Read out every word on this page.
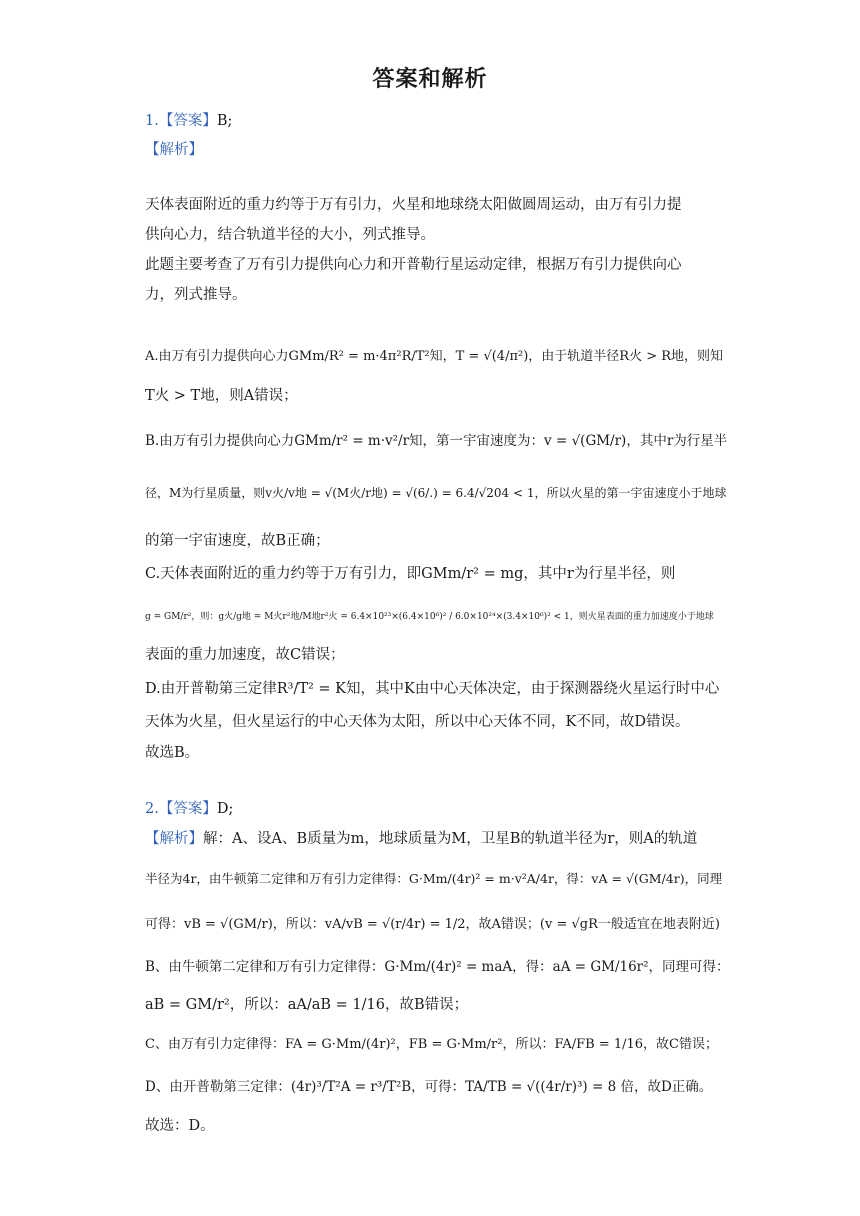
答案和解析
1.【答案】B;
【解析】
天体表面附近的重力约等于万有引力，火星和地球绕太阳做圆周运动，由万有引力提
供向心力，结合轨道半径的大小，列式推导。
此题主要考查了万有引力提供向心力和开普勒行星运动定律，根据万有引力提供向心
力，列式推导。
A.由万有引力提供向心力GMm/R² = m·4π²R/T²知，T = √(4/π²)，由于轨道半径R火 > R地，则知
T火 > T地，则A错误；
B.由万有引力提供向心力GMm/r² = m·v²/r知，第一宇宙速度为：v = √(GM/r)，其中r为行星半
径，M为行星质量，则v火/v地 = √(M火/r地) = √(6/.) = 6.4/√204 < 1，所以火星的第一宇宙速度小于地球
的第一宇宙速度，故B正确；
C.天体表面附近的重力约等于万有引力，即GMm/r² = mg，其中r为行星半径，则
g = GM/r²，则：g火/g地 = M火r²地/M地r²火 = 6.4×10²³×(6.4×10⁶)² / 6.0×10²⁴×(3.4×10⁶)² < 1，则火星表面的重力加速度小于地球
表面的重力加速度，故C错误；
D.由开普勒第三定律R³/T² = K知，其中K由中心天体决定，由于探测器绕火星运行时中心
天体为火星，但火星运行的中心天体为太阳，所以中心天体不同，K不同，故D错误。
故选B。
2.【答案】D;
【解析】解：A、设A、B质量为m，地球质量为M，卫星B的轨道半径为r，则A的轨道
半径为4r，由牛顿第二定律和万有引力定律得：G·Mm/(4r)² = m·v²A/4r，得：vA = √(GM/4r)，同理
可得：vB = √(GM/r)，所以：vA/vB = √(r/4r) = 1/2，故A错误；(v = √gR一般适宜在地表附近)
B、由牛顿第二定律和万有引力定律得：G·Mm/(4r)² = maA，得：aA = GM/16r²，同理可得：
aB = GM/r²，所以：aA/aB = 1/16，故B错误；
C、由万有引力定律得：FA = G·Mm/(4r)²，FB = G·Mm/r²，所以：FA/FB = 1/16，故C错误；
D、由开普勒第三定律：(4r)³/T²A = r³/T²B，可得：TA/TB = √((4r/r)³) = 8 倍，故D正确。
故选：D。
